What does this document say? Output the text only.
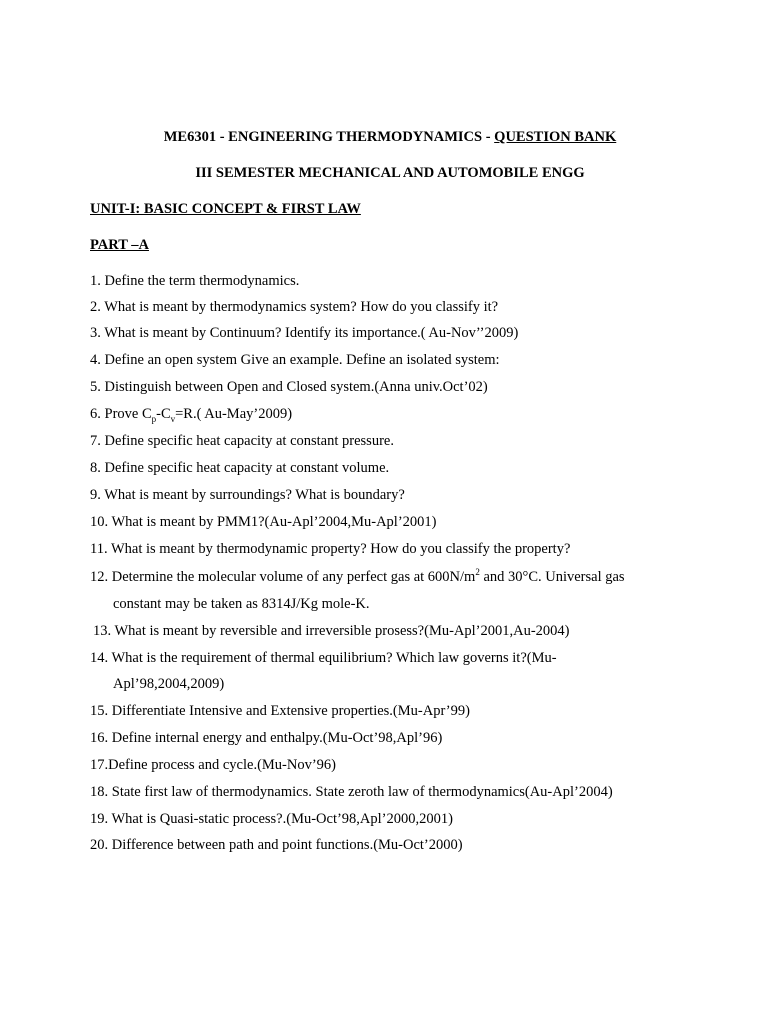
ME6301 - ENGINEERING THERMODYNAMICS - QUESTION BANK
III SEMESTER MECHANICAL AND AUTOMOBILE ENGG
UNIT-I: BASIC CONCEPT & FIRST LAW
PART –A
1. Define the term thermodynamics.
2. What is meant by thermodynamics system? How do you classify it?
3. What is meant by Continuum? Identify its importance.( Au-Nov’’2009)
4. Define an open system Give an example. Define an isolated system:
5. Distinguish between Open and Closed system.(Anna univ.Oct’02)
6. Prove $C_p-C_v=R$.( Au-May’2009)
7. Define specific heat capacity at constant pressure.
8. Define specific heat capacity at constant volume.
9. What is meant by surroundings? What is boundary?
10. What is meant by PMM1?(Au-Apl’2004,Mu-Apl’2001)
11. What is meant by thermodynamic property? How do you classify the property?
12. Determine the molecular volume of any perfect gas at $600N/m^2$ and 30°C. Universal gas
constant may be taken as 8314J/Kg mole-K.
13. What is meant by reversible and irreversible prosess?(Mu-Apl’2001,Au-2004)
14. What is the requirement of thermal equilibrium? Which law governs it?(Mu-
Apl’98,2004,2009)
15. Differentiate Intensive and Extensive properties.(Mu-Apr’99)
16. Define internal energy and enthalpy.(Mu-Oct’98,Apl’96)
17.Define process and cycle.(Mu-Nov’96)
18. State first law of thermodynamics. State zeroth law of thermodynamics(Au-Apl’2004)
19. What is Quasi-static process?.(Mu-Oct’98,Apl’2000,2001)
20. Difference between path and point functions.(Mu-Oct’2000)
